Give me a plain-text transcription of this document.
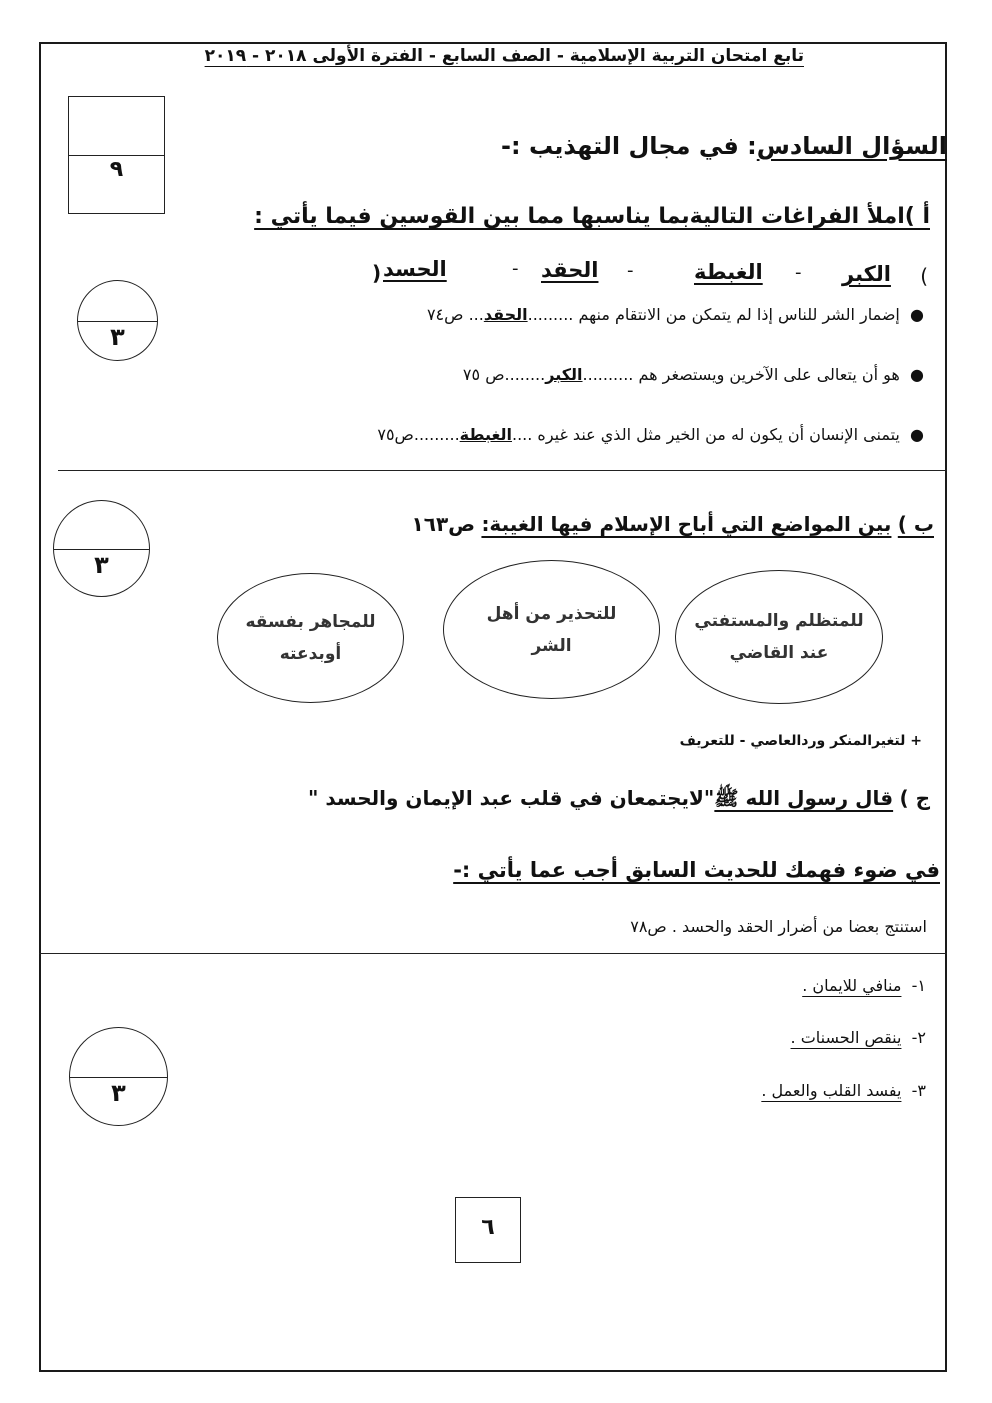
تابع امتحان التربية الإسلامية - الصف السابع - الفترة الأولى ٢٠١٨ - ٢٠١٩
٩
السؤال السادس: في مجال التهذيب :-
أ )املأ الفراغات التاليةبما يناسبها مما بين القوسين فيما يأتي :
(
الكبر
-
الغبطة
-
الحقد
-
الحسد
)
٣
●  إضمار الشر للناس إذا لم يتمكن من الانتقام منهم .........الحقد... ص٧٤
●  هو أن يتعالى على الآخرين ويستصغر هم ..........الكبر........ص ٧٥
●  يتمنى الإنسان أن يكون له من الخير مثل الذي عند غيره ....الغبطة.........ص٧٥
٣
ب ) بين المواضع التي أباح الإسلام فيها الغيبة: ص١٦٣
للمتظلم والمستفتي
عند القاضي
للتحذير من أهل
الشر
للمجاهر بفسقه
أوبدعته
+ لتغيرالمنكر وردالعاصي - للتعريف
ج ) قال رسول الله ﷺ"لايجتمعان في قلب عبد الإيمان والحسد "
في ضوء فهمك للحديث السابق أجب عما يأتي :-
استنتج بعضا من أضرار الحقد والحسد . ص٧٨
٣
١-  منافي للايمان .
٢-  ينقص الحسنات .
٣-  يفسد القلب والعمل .
٦
